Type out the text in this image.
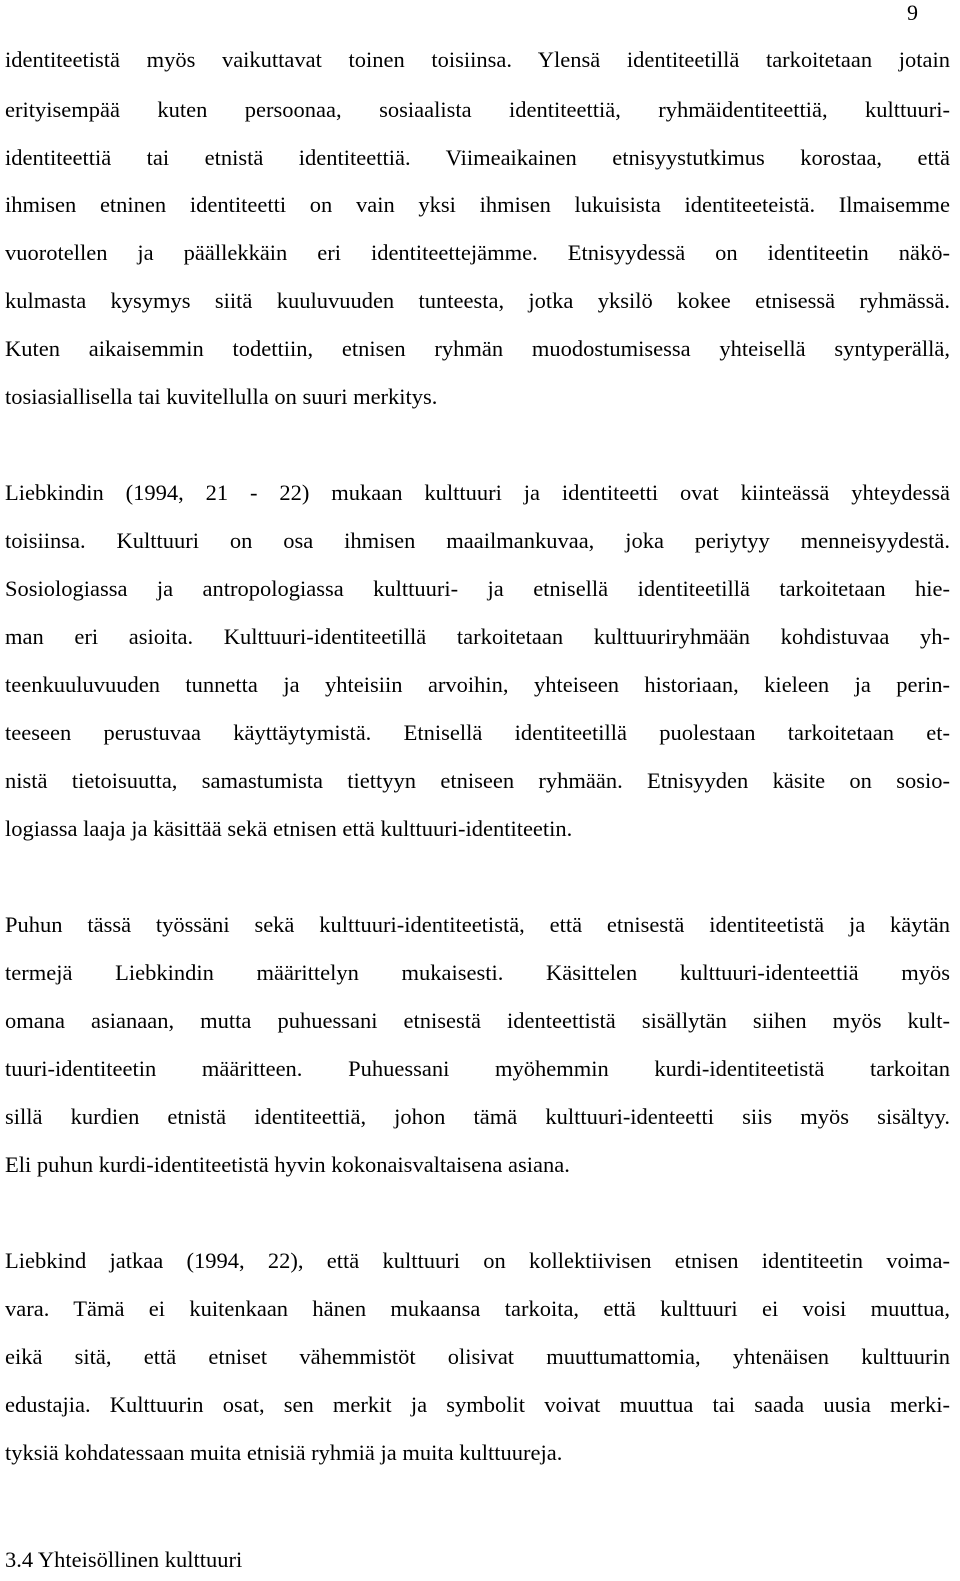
9
identiteetistä myös vaikuttavat toinen toisiinsa. Ylensä identiteetillä tarkoitetaan jotain
erityisempää kuten persoonaa, sosiaalista identiteettiä, ryhmäidentiteettiä, kulttuuri-
identiteettiä tai etnistä identiteettiä. Viimeaikainen etnisyystutkimus korostaa, että
ihmisen etninen identiteetti on vain yksi ihmisen lukuisista identiteeteistä. Ilmaisemme
vuorotellen ja päällekkäin eri identiteettejämme. Etnisyydessä on identiteetin näkö-
kulmasta kysymys siitä kuuluvuuden tunteesta, jotka yksilö kokee etnisessä ryhmässä.
Kuten aikaisemmin todettiin, etnisen ryhmän muodostumisessa yhteisellä syntyperällä,
tosiasiallisella tai kuvitellulla on suuri merkitys.
Liebkindin (1994, 21 - 22) mukaan kulttuuri ja identiteetti ovat kiinteässä yhteydessä
toisiinsa. Kulttuuri on osa ihmisen maailmankuvaa, joka periytyy menneisyydestä.
Sosiologiassa ja antropologiassa kulttuuri- ja etnisellä identiteetillä tarkoitetaan hie-
man eri asioita. Kulttuuri-identiteetillä tarkoitetaan kulttuuriryhmään kohdistuvaa yh-
teenkuuluvuuden tunnetta ja yhteisiin arvoihin, yhteiseen historiaan, kieleen ja perin-
teeseen perustuvaa käyttäytymistä. Etnisellä identiteetillä puolestaan tarkoitetaan et-
nistä tietoisuutta, samastumista tiettyyn etniseen ryhmään. Etnisyyden käsite on sosio-
logiassa laaja ja käsittää sekä etnisen että kulttuuri-identiteetin.
Puhun tässä työssäni sekä kulttuuri-identiteetistä, että etnisestä identiteetistä ja käytän
termejä Liebkindin määrittelyn mukaisesti. Käsittelen kulttuuri-identeettiä myös
omana asianaan, mutta puhuessani etnisestä identeettistä sisällytän siihen myös kult-
tuuri-identiteetin määritteen. Puhuessani myöhemmin kurdi-identiteetistä tarkoitan
sillä kurdien etnistä identiteettiä, johon tämä kulttuuri-identeetti siis myös sisältyy.
Eli puhun kurdi-identiteetistä hyvin kokonaisvaltaisena asiana.
Liebkind jatkaa (1994, 22), että kulttuuri on kollektiivisen etnisen identiteetin voima-
vara. Tämä ei kuitenkaan hänen mukaansa tarkoita, että kulttuuri ei voisi muuttua,
eikä sitä, että etniset vähemmistöt olisivat muuttumattomia, yhtenäisen kulttuurin
edustajia. Kulttuurin osat, sen merkit ja symbolit voivat muuttua tai saada uusia merki-
tyksiä kohdatessaan muita etnisiä ryhmiä ja muita kulttuureja.
3.4 Yhteisöllinen kulttuuri
